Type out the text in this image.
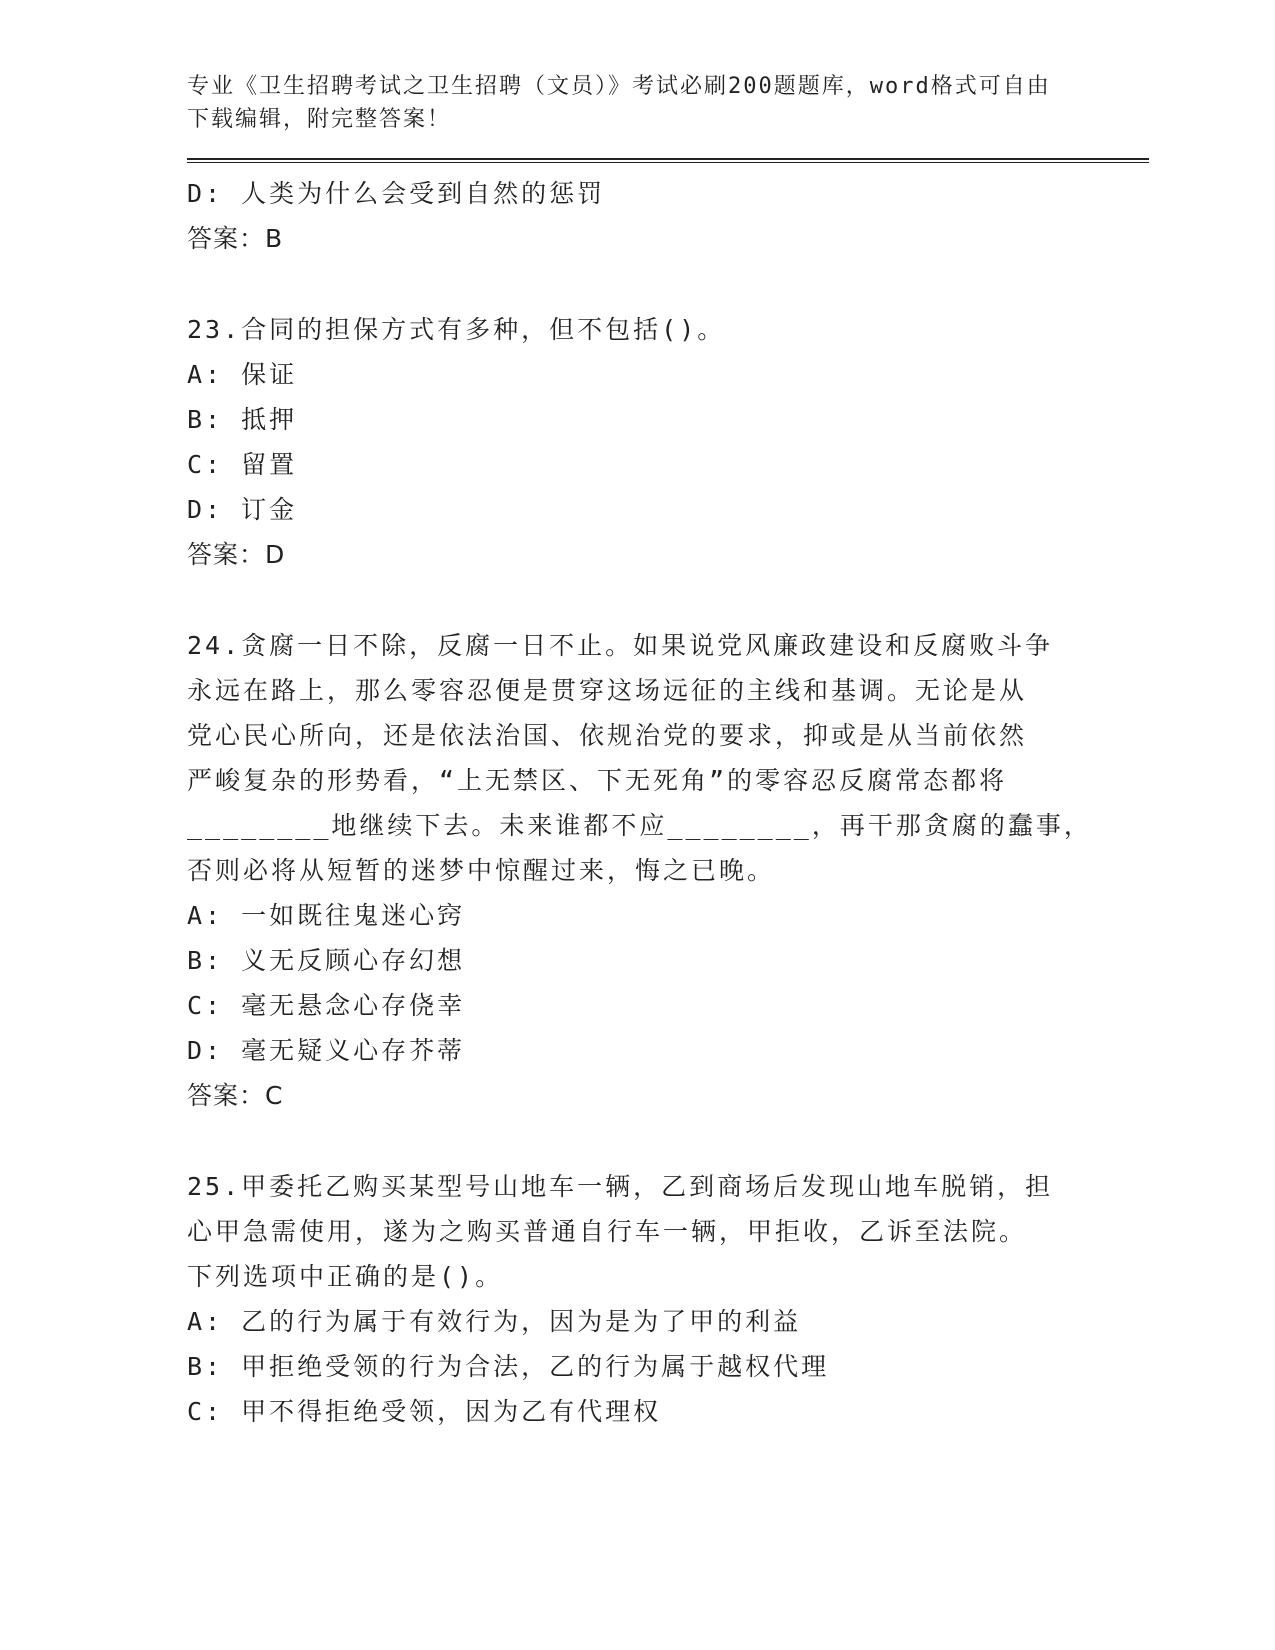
专业《卫生招聘考试之卫生招聘（文员）》考试必刷200题题库，word格式可自由下载编辑，附完整答案！
D: 人类为什么会受到自然的惩罚
答案：B
23.合同的担保方式有多种，但不包括()。
A: 保证
B: 抵押
C: 留置
D: 订金
答案：D
24.贪腐一日不除，反腐一日不止。如果说党风廉政建设和反腐败斗争
永远在路上，那么零容忍便是贯穿这场远征的主线和基调。无论是从
党心民心所向，还是依法治国、依规治党的要求，抑或是从当前依然
严峻复杂的形势看，“上无禁区、下无死角”的零容忍反腐常态都将
________地继续下去。未来谁都不应________，再干那贪腐的蠢事，
否则必将从短暂的迷梦中惊醒过来，悔之已晚。
A: 一如既往鬼迷心窍
B: 义无反顾心存幻想
C: 毫无悬念心存侥幸
D: 毫无疑义心存芥蒂
答案：C
25.甲委托乙购买某型号山地车一辆，乙到商场后发现山地车脱销，担
心甲急需使用，遂为之购买普通自行车一辆，甲拒收，乙诉至法院。
下列选项中正确的是()。
A: 乙的行为属于有效行为，因为是为了甲的利益
B: 甲拒绝受领的行为合法，乙的行为属于越权代理
C: 甲不得拒绝受领，因为乙有代理权
